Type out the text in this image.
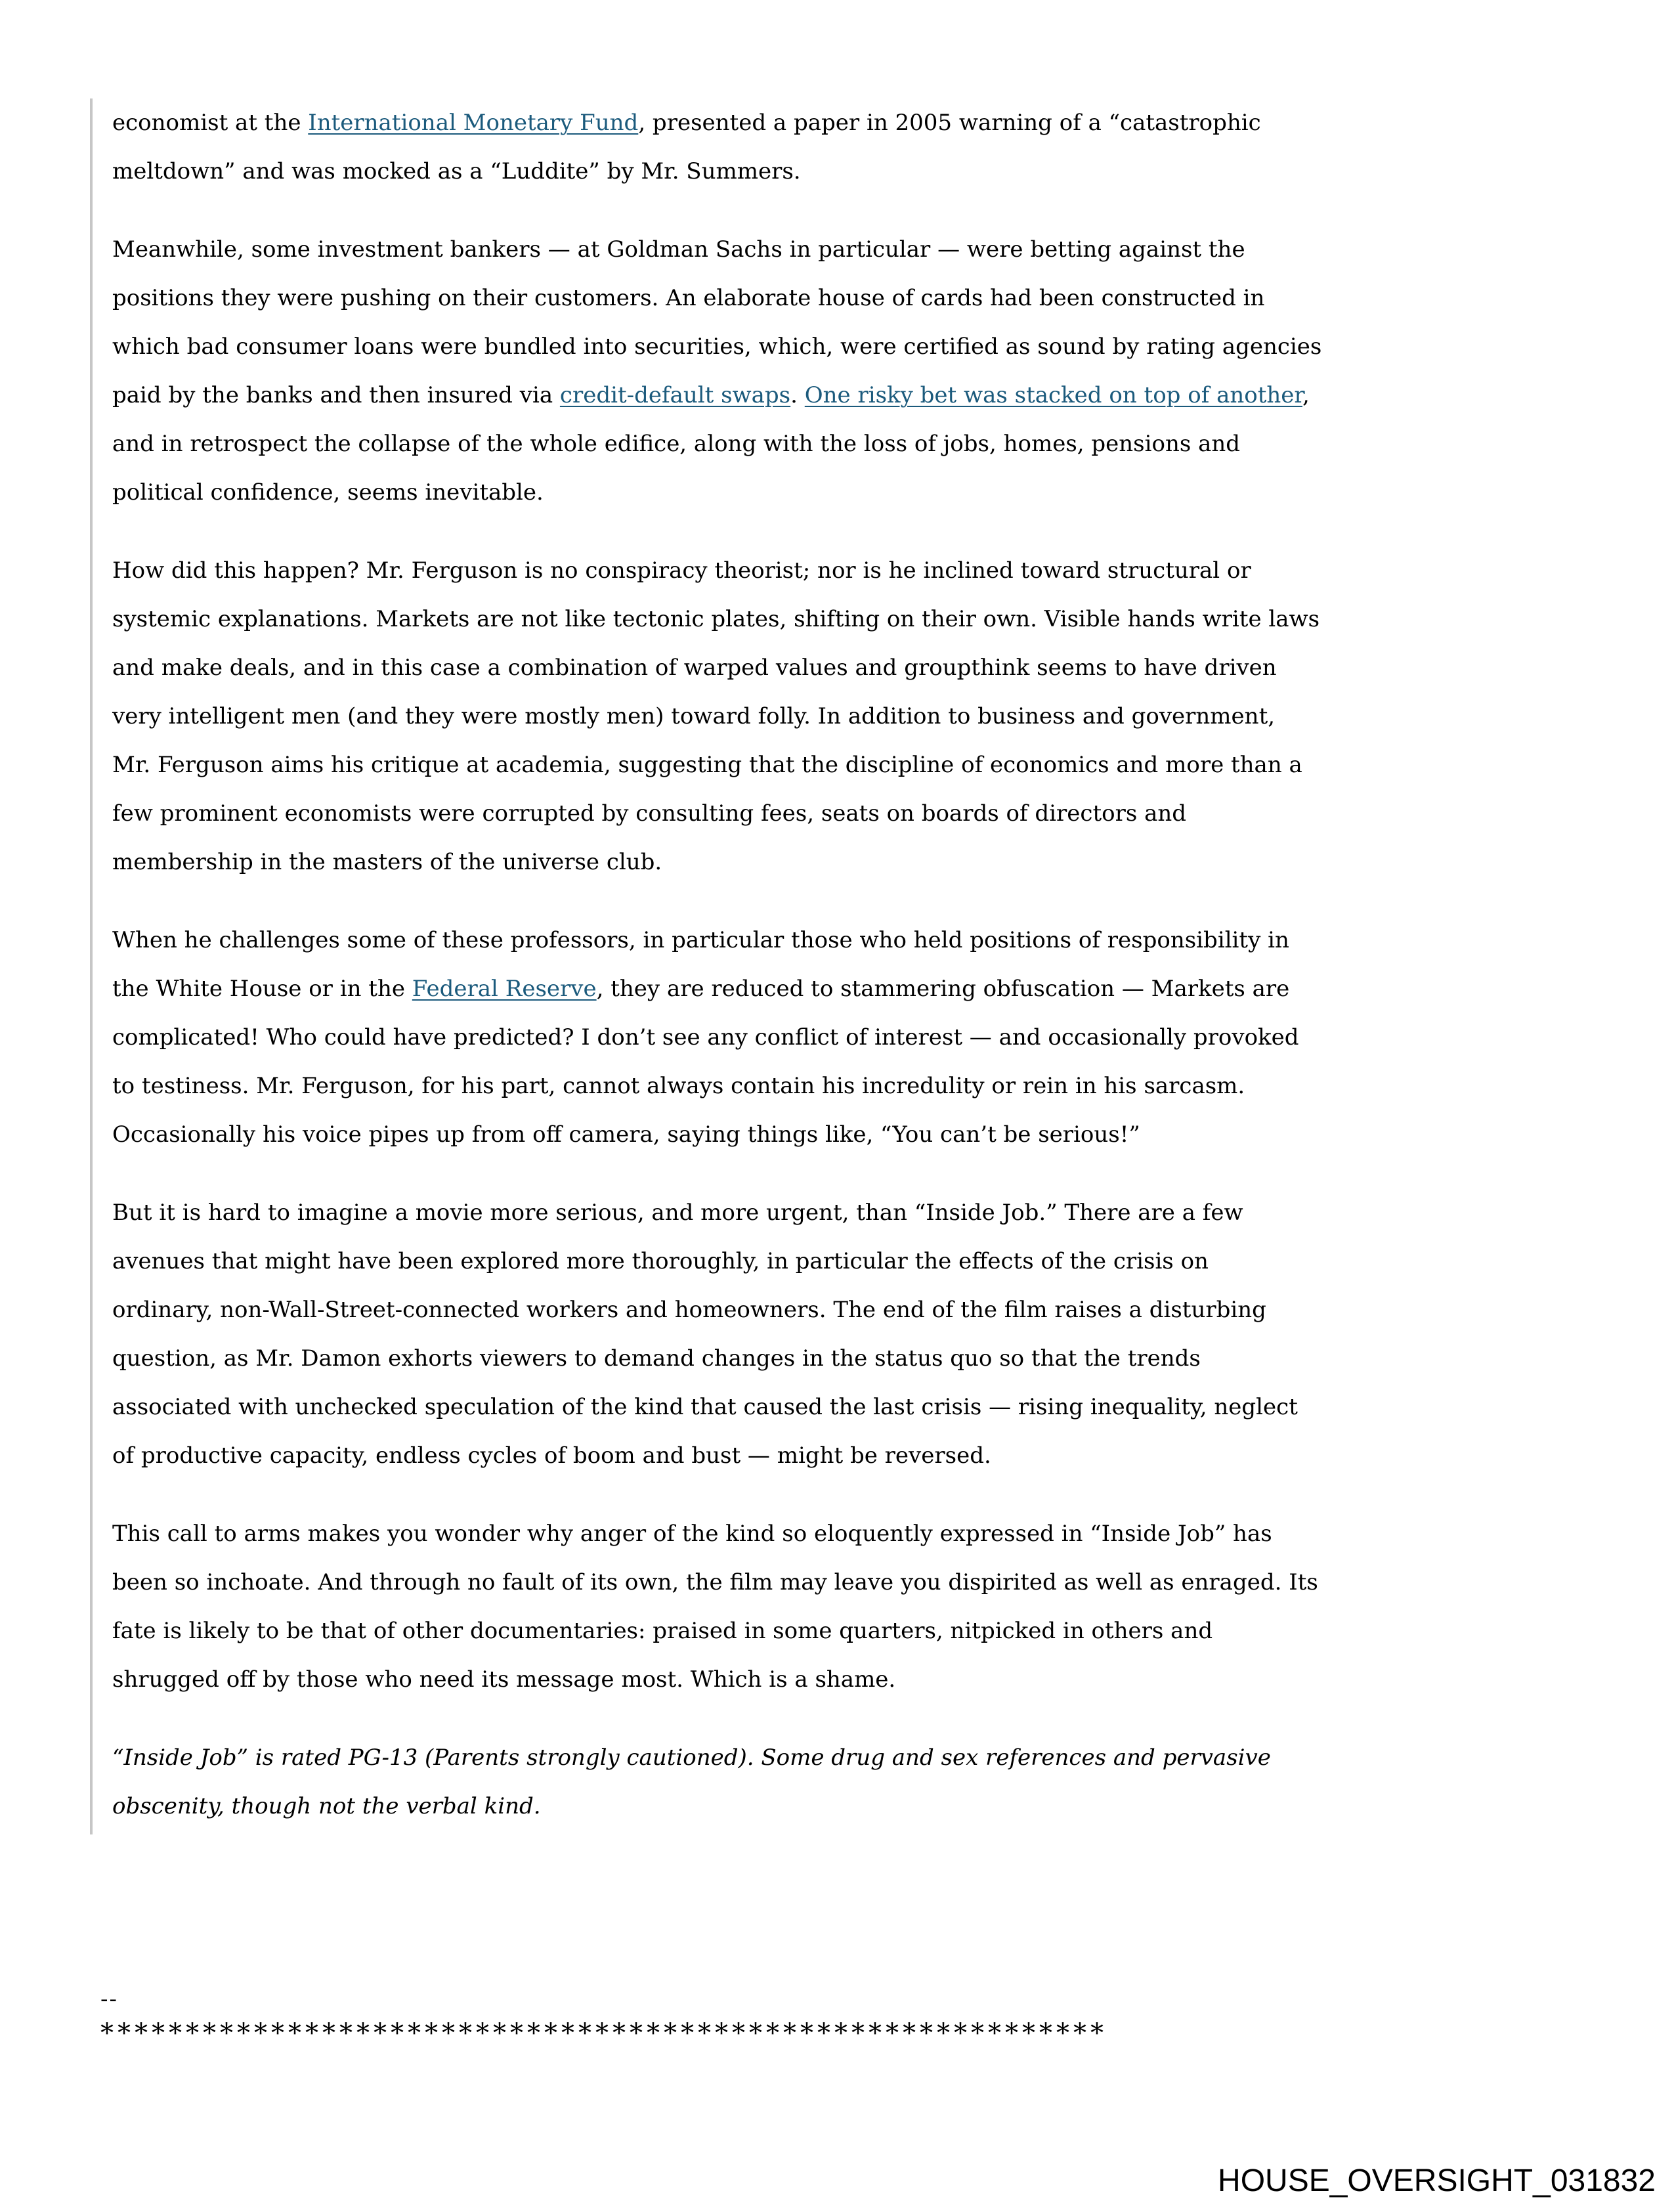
economist at the International Monetary Fund, presented a paper in 2005 warning of a “catastrophic
meltdown” and was mocked as a “Luddite” by Mr. Summers.
Meanwhile, some investment bankers — at Goldman Sachs in particular — were betting against the
positions they were pushing on their customers. An elaborate house of cards had been constructed in
which bad consumer loans were bundled into securities, which, were certified as sound by rating agencies
paid by the banks and then insured via credit-default swaps. One risky bet was stacked on top of another,
and in retrospect the collapse of the whole edifice, along with the loss of jobs, homes, pensions and
political confidence, seems inevitable.
How did this happen? Mr. Ferguson is no conspiracy theorist; nor is he inclined toward structural or
systemic explanations. Markets are not like tectonic plates, shifting on their own. Visible hands write laws
and make deals, and in this case a combination of warped values and groupthink seems to have driven
very intelligent men (and they were mostly men) toward folly. In addition to business and government,
Mr. Ferguson aims his critique at academia, suggesting that the discipline of economics and more than a
few prominent economists were corrupted by consulting fees, seats on boards of directors and
membership in the masters of the universe club.
When he challenges some of these professors, in particular those who held positions of responsibility in
the White House or in the Federal Reserve, they are reduced to stammering obfuscation — Markets are
complicated! Who could have predicted? I don’t see any conflict of interest — and occasionally provoked
to testiness. Mr. Ferguson, for his part, cannot always contain his incredulity or rein in his sarcasm.
Occasionally his voice pipes up from off camera, saying things like, “You can’t be serious!”
But it is hard to imagine a movie more serious, and more urgent, than “Inside Job.” There are a few
avenues that might have been explored more thoroughly, in particular the effects of the crisis on
ordinary, non-Wall-Street-connected workers and homeowners. The end of the film raises a disturbing
question, as Mr. Damon exhorts viewers to demand changes in the status quo so that the trends
associated with unchecked speculation of the kind that caused the last crisis — rising inequality, neglect
of productive capacity, endless cycles of boom and bust — might be reversed.
This call to arms makes you wonder why anger of the kind so eloquently expressed in “Inside Job” has
been so inchoate. And through no fault of its own, the film may leave you dispirited as well as enraged. Its
fate is likely to be that of other documentaries: praised in some quarters, nitpicked in others and
shrugged off by those who need its message most. Which is a shame.
“Inside Job” is rated PG-13 (Parents strongly cautioned). Some drug and sex references and pervasive
obscenity, though not the verbal kind.
--
***********************************************************
HOUSE_OVERSIGHT_031832
